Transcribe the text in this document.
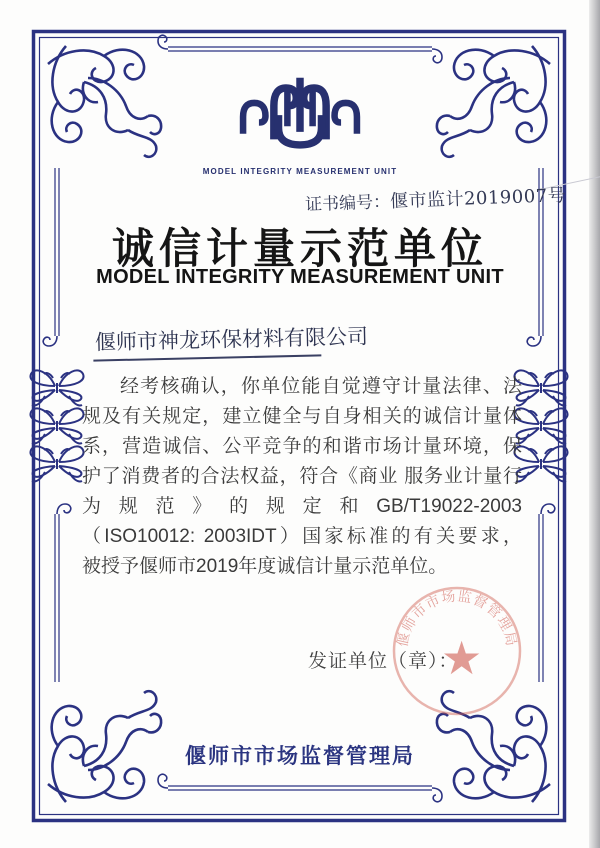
MODEL INTEGRITY MEASUREMENT UNIT
证书编号：偃市监计2019007号
诚信计量示范单位
MODEL INTEGRITY MEASUREMENT UNIT
偃师市神龙环保材料有限公司
经考核确认，你单位能自觉遵守计量法律、法
规及有关规定，建立健全与自身相关的诚信计量体
系，营造诚信、公平竞争的和谐市场计量环境，保
护了消费者的合法权益，符合《商业 服务业计量行
为规范》的规定和GB/T19022-2003
（ISO10012: 2003IDT）国家标准的有关要求，
被授予偃师市2019年度诚信计量示范单位。
发证单位（章）：
偃师市市场监督管理局
★
偃师市市场监督管理局
